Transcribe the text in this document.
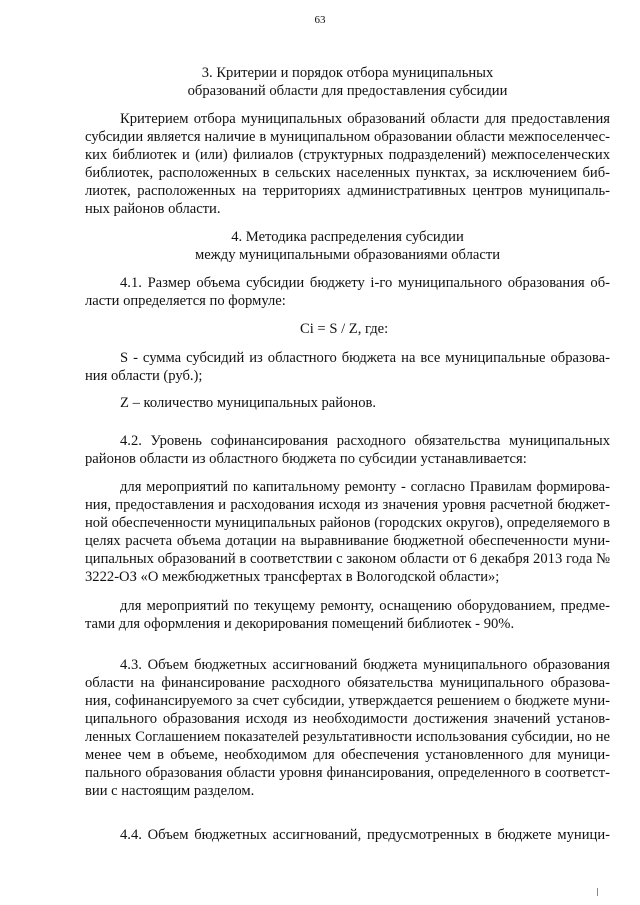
63
3. Критерии и порядок отбора муниципальных
образований области для предоставления субсидии
Критерием отбора муниципальных образований области для предоставления
субсидии является наличие в муниципальном образовании области межпоселенчес-
ких библиотек и (или) филиалов (структурных подразделений) межпоселенческих
библиотек, расположенных в сельских населенных пунктах, за исключением биб-
лиотек, расположенных на территориях административных центров муниципаль-
ных районов области.
4. Методика распределения субсидии
между муниципальными образованиями области
4.1. Размер объема субсидии бюджету i-го муниципального образования об-
ласти определяется по формуле:
Ci = S / Z, где:
S - сумма субсидий из областного бюджета на все муниципальные образова-
ния области (руб.);
Z – количество муниципальных районов.
4.2. Уровень софинансирования расходного обязательства муниципальных
районов области из областного бюджета по субсидии устанавливается:
для мероприятий по капитальному ремонту - согласно Правилам формирова-
ния, предоставления и расходования исходя из значения уровня расчетной бюджет-
ной обеспеченности муниципальных районов (городских округов), определяемого в
целях расчета объема дотации на выравнивание бюджетной обеспеченности муни-
ципальных образований в соответствии с законом области от 6 декабря 2013 года №
3222-ОЗ «О межбюджетных трансфертах в Вологодской области»;
для мероприятий по текущему ремонту, оснащению оборудованием, предме-
тами для оформления и декорирования помещений библиотек - 90%.
4.3. Объем бюджетных ассигнований бюджета муниципального образования
области на финансирование расходного обязательства муниципального образова-
ния, софинансируемого за счет субсидии, утверждается решением о бюджете муни-
ципального образования исходя из необходимости достижения значений установ-
ленных Соглашением показателей результативности использования субсидии, но не
менее чем в объеме, необходимом для обеспечения установленного для муници-
пального образования области уровня финансирования, определенного в соответст-
вии с настоящим разделом.
4.4. Объем бюджетных ассигнований, предусмотренных в бюджете муници-
